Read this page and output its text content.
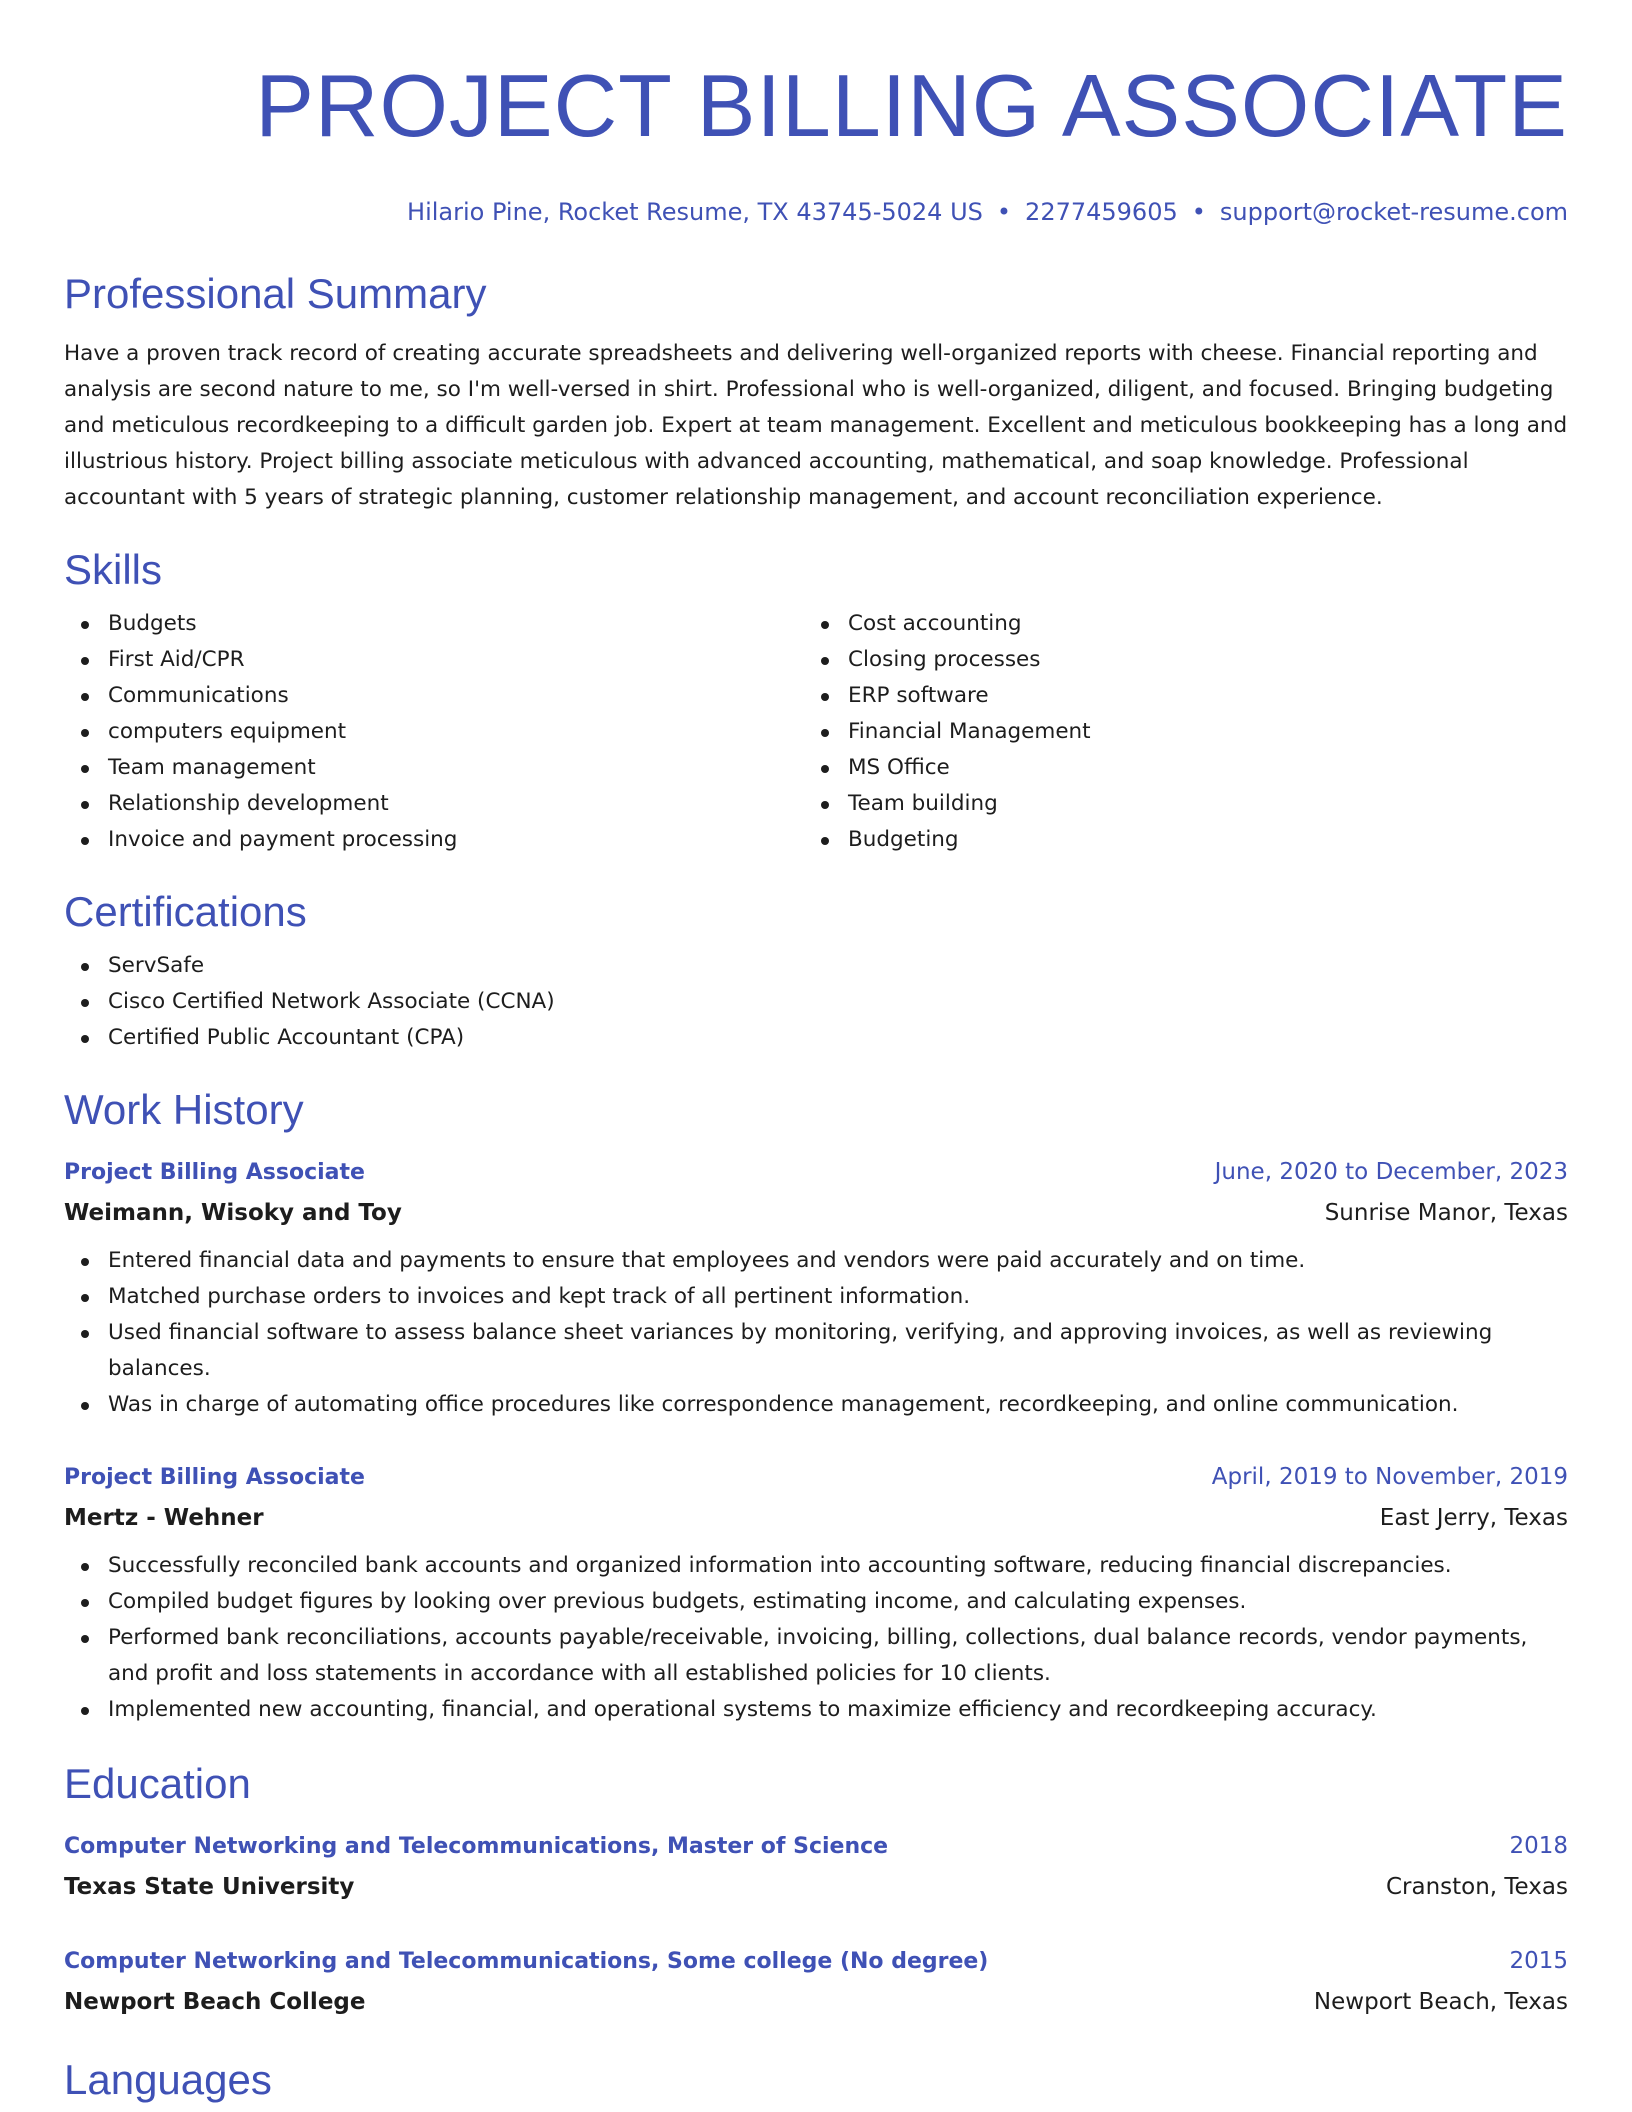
PROJECT BILLING ASSOCIATE
Hilario Pine, Rocket Resume, TX 43745-5024 US • 2277459605 • support@rocket-resume.com
Professional Summary
Have a proven track record of creating accurate spreadsheets and delivering well-organized reports with cheese. Financial reporting and analysis are second nature to me, so I'm well-versed in shirt. Professional who is well-organized, diligent, and focused. Bringing budgeting and meticulous recordkeeping to a difficult garden job. Expert at team management. Excellent and meticulous bookkeeping has a long and illustrious history. Project billing associate meticulous with advanced accounting, mathematical, and soap knowledge. Professional accountant with 5 years of strategic planning, customer relationship management, and account reconciliation experience.
Skills
Budgets
First Aid/CPR
Communications
computers equipment
Team management
Relationship development
Invoice and payment processing
Cost accounting
Closing processes
ERP software
Financial Management
MS Office
Team building
Budgeting
Certifications
ServSafe
Cisco Certified Network Associate (CCNA)
Certified Public Accountant (CPA)
Work History
Project Billing Associate	June, 2020 to December, 2023
Weimann, Wisoky and Toy	Sunrise Manor, Texas
Entered financial data and payments to ensure that employees and vendors were paid accurately and on time.
Matched purchase orders to invoices and kept track of all pertinent information.
Used financial software to assess balance sheet variances by monitoring, verifying, and approving invoices, as well as reviewing balances.
Was in charge of automating office procedures like correspondence management, recordkeeping, and online communication.
Project Billing Associate	April, 2019 to November, 2019
Mertz - Wehner	East Jerry, Texas
Successfully reconciled bank accounts and organized information into accounting software, reducing financial discrepancies.
Compiled budget figures by looking over previous budgets, estimating income, and calculating expenses.
Performed bank reconciliations, accounts payable/receivable, invoicing, billing, collections, dual balance records, vendor payments, and profit and loss statements in accordance with all established policies for 10 clients.
Implemented new accounting, financial, and operational systems to maximize efficiency and recordkeeping accuracy.
Education
Computer Networking and Telecommunications, Master of Science	2018
Texas State University	Cranston, Texas
Computer Networking and Telecommunications, Some college (No degree)	2015
Newport Beach College	Newport Beach, Texas
Languages
